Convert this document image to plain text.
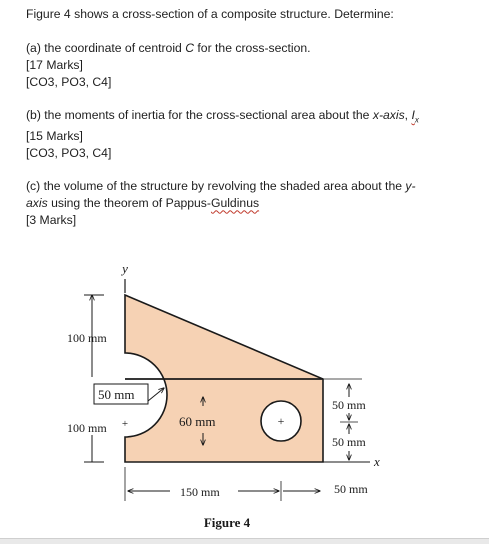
Figure 4 shows a cross-section of a composite structure. Determine:

(a) the coordinate of centroid C for the cross-section.

[17 Marks]

[CO3, PO3, C4]

(b) the moments of inertia for the cross-sectional area about the x-axis, $I_x$

[15 Marks]

[CO3, PO3, C4]

(c) the volume of the structure by revolving the shaded area about the y-

axis using the theorem of Pappus-Guldinus

[3 Marks]

+
y
100 mm
100 mm
50 mm
+	60 mm
50 mm
50 mm
x
50 mm
150 mm
Figure 4
